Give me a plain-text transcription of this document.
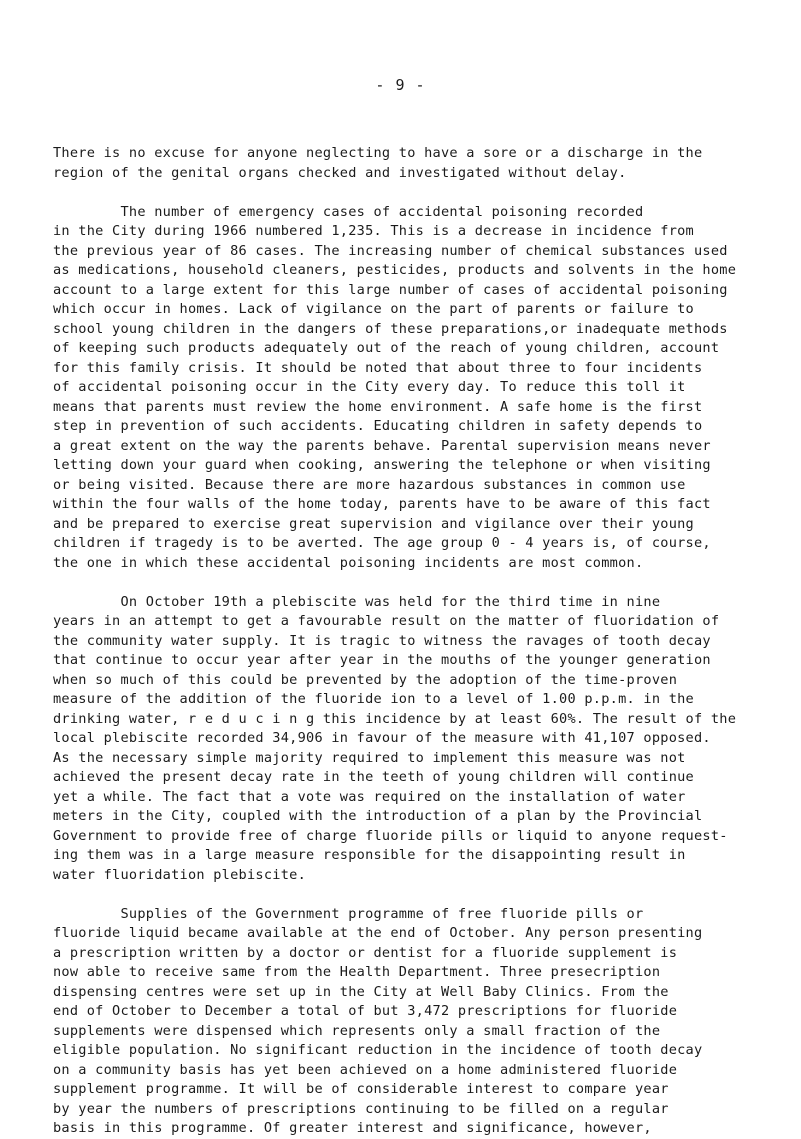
- 9 -
There is no excuse for anyone neglecting to have a sore or a discharge in the
region of the genital organs checked and investigated without delay.
The number of emergency cases of accidental poisoning recorded
in the City during 1966 numbered 1,235. This is a decrease in incidence from
the previous year of 86 cases. The increasing number of chemical substances used
as medications, household cleaners, pesticides, products and solvents in the home
account to a large extent for this large number of cases of accidental poisoning
which occur in homes. Lack of vigilance on the part of parents or failure to
school young children in the dangers of these preparations,or inadequate methods
of keeping such products adequately out of the reach of young children, account
for this family crisis. It should be noted that about three to four incidents
of accidental poisoning occur in the City every day. To reduce this toll it
means that parents must review the home environment. A safe home is the first
step in prevention of such accidents. Educating children in safety depends to
a great extent on the way the parents behave. Parental supervision means never
letting down your guard when cooking, answering the telephone or when visiting
or being visited. Because there are more hazardous substances in common use
within the four walls of the home today, parents have to be aware of this fact
and be prepared to exercise great supervision and vigilance over their young
children if tragedy is to be averted. The age group 0 - 4 years is, of course,
the one in which these accidental poisoning incidents are most common.
On October 19th a plebiscite was held for the third time in nine
years in an attempt to get a favourable result on the matter of fluoridation of
the community water supply. It is tragic to witness the ravages of tooth decay
that continue to occur year after year in the mouths of the younger generation
when so much of this could be prevented by the adoption of the time-proven
measure of the addition of the fluoride ion to a level of 1.00 p.p.m. in the
drinking water, r e d u c i n g this incidence by at least 60%. The result of the
local plebiscite recorded 34,906 in favour of the measure with 41,107 opposed.
As the necessary simple majority required to implement this measure was not
achieved the present decay rate in the teeth of young children will continue
yet a while. The fact that a vote was required on the installation of water
meters in the City, coupled with the introduction of a plan by the Provincial
Government to provide free of charge fluoride pills or liquid to anyone request-
ing them was in a large measure responsible for the disappointing result in
water fluoridation plebiscite.
Supplies of the Government programme of free fluoride pills or
fluoride liquid became available at the end of October. Any person presenting
a prescription written by a doctor or dentist for a fluoride supplement is
now able to receive same from the Health Department. Three presecription
dispensing centres were set up in the City at Well Baby Clinics. From the
end of October to December a total of but 3,472 prescriptions for fluoride
supplements were dispensed which represents only a small fraction of the
eligible population. No significant reduction in the incidence of tooth decay
on a community basis has yet been achieved on a home administered fluoride
supplement programme. It will be of considerable interest to compare year
by year the numbers of prescriptions continuing to be filled on a regular
basis in this programme. Of greater interest and significance, however,
